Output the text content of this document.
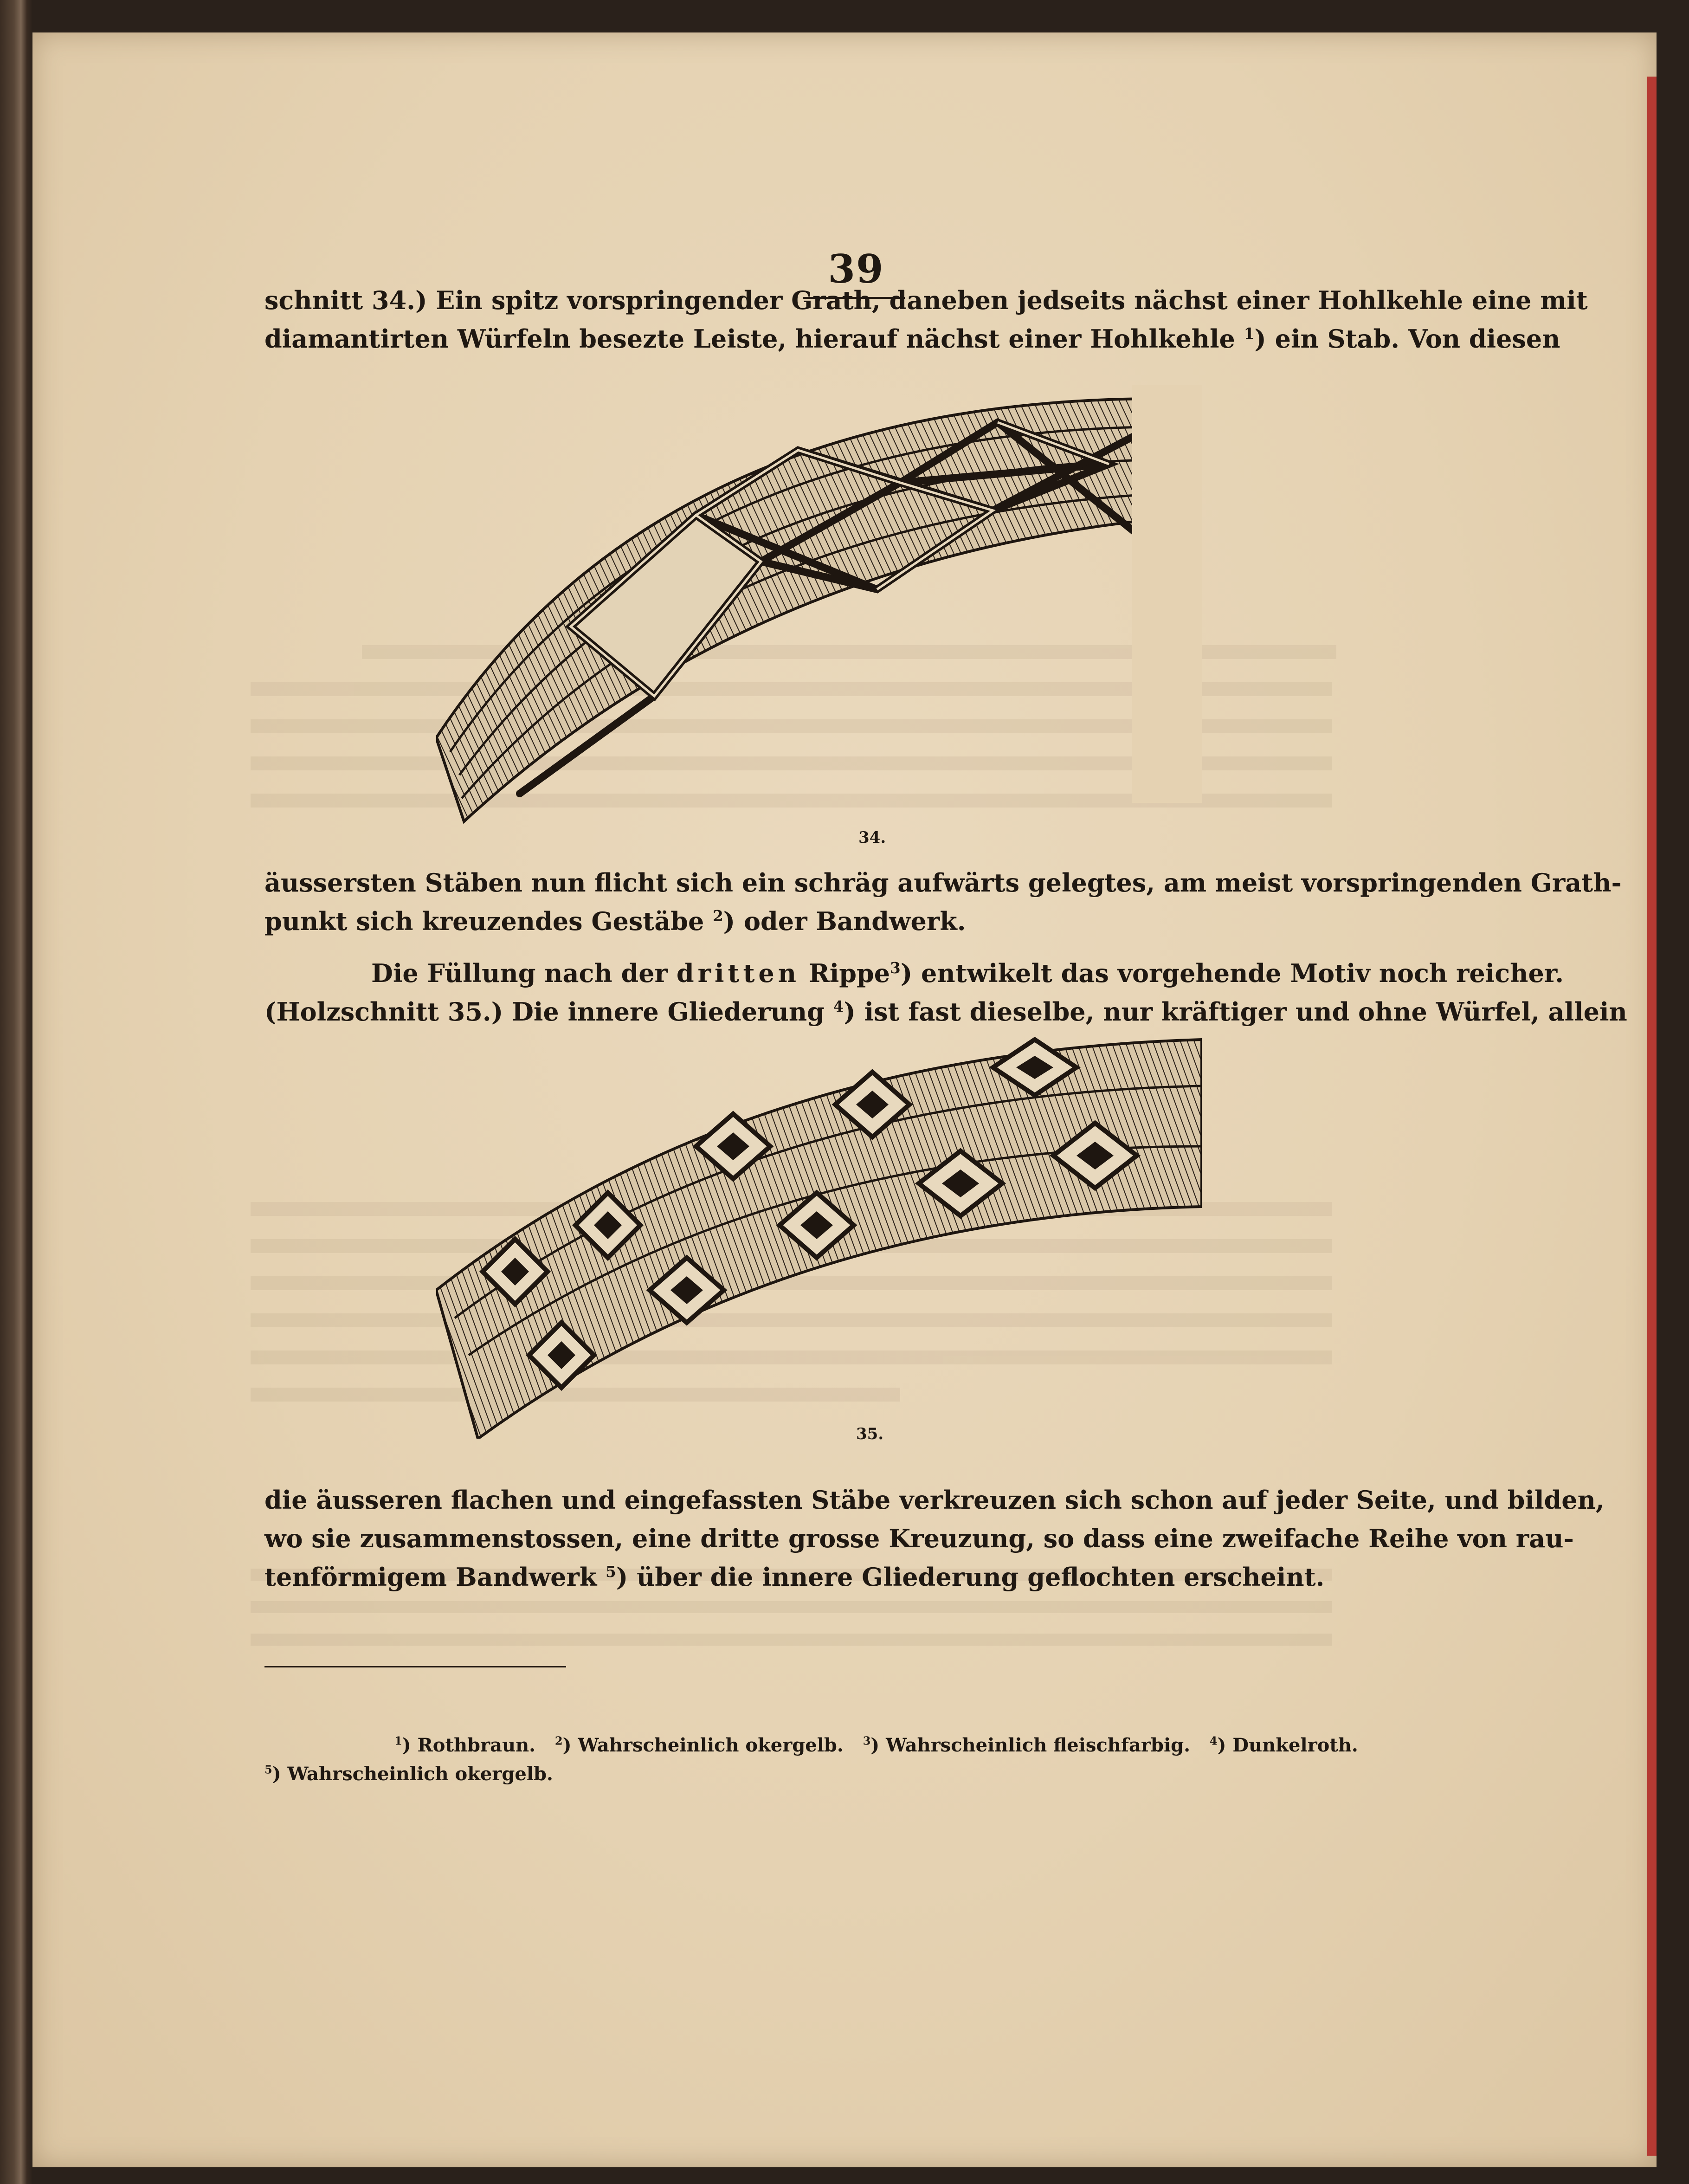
39

schnitt 34.) Ein spitz vorspringender Grath, daneben jedseits nächst einer Hohlkehle eine mit

diamantirten Würfeln besezte Leiste, hierauf nächst einer Hohlkehle $^1$) ein Stab. Von diesen

34.

äussersten Stäben nun flicht sich ein schräg aufwärts gelegtes, am meist vorspringenden Grath-

punkt sich kreuzendes Gestäbe $^2$) oder Bandwerk.

Die Füllung nach der dritten Rippe$^3$) entwikelt das vorgehende Motiv noch reicher.

(Holzschnitt 35.) Die innere Gliederung $^4$) ist fast dieselbe, nur kräftiger und ohne Würfel, allein

35.

die äusseren flachen und eingefassten Stäbe verkreuzen sich schon auf jeder Seite, und bilden,

wo sie zusammenstossen, eine dritte grosse Kreuzung, so dass eine zweifache Reihe von rau-

tenförmigem Bandwerk $^5$) über die innere Gliederung geflochten erscheint.

$^1$) Rothbraun. $^2$) Wahrscheinlich okergelb. $^3$) Wahrscheinlich fleischfarbig. $^4$) Dunkelroth.

$^5$) Wahrscheinlich okergelb.
